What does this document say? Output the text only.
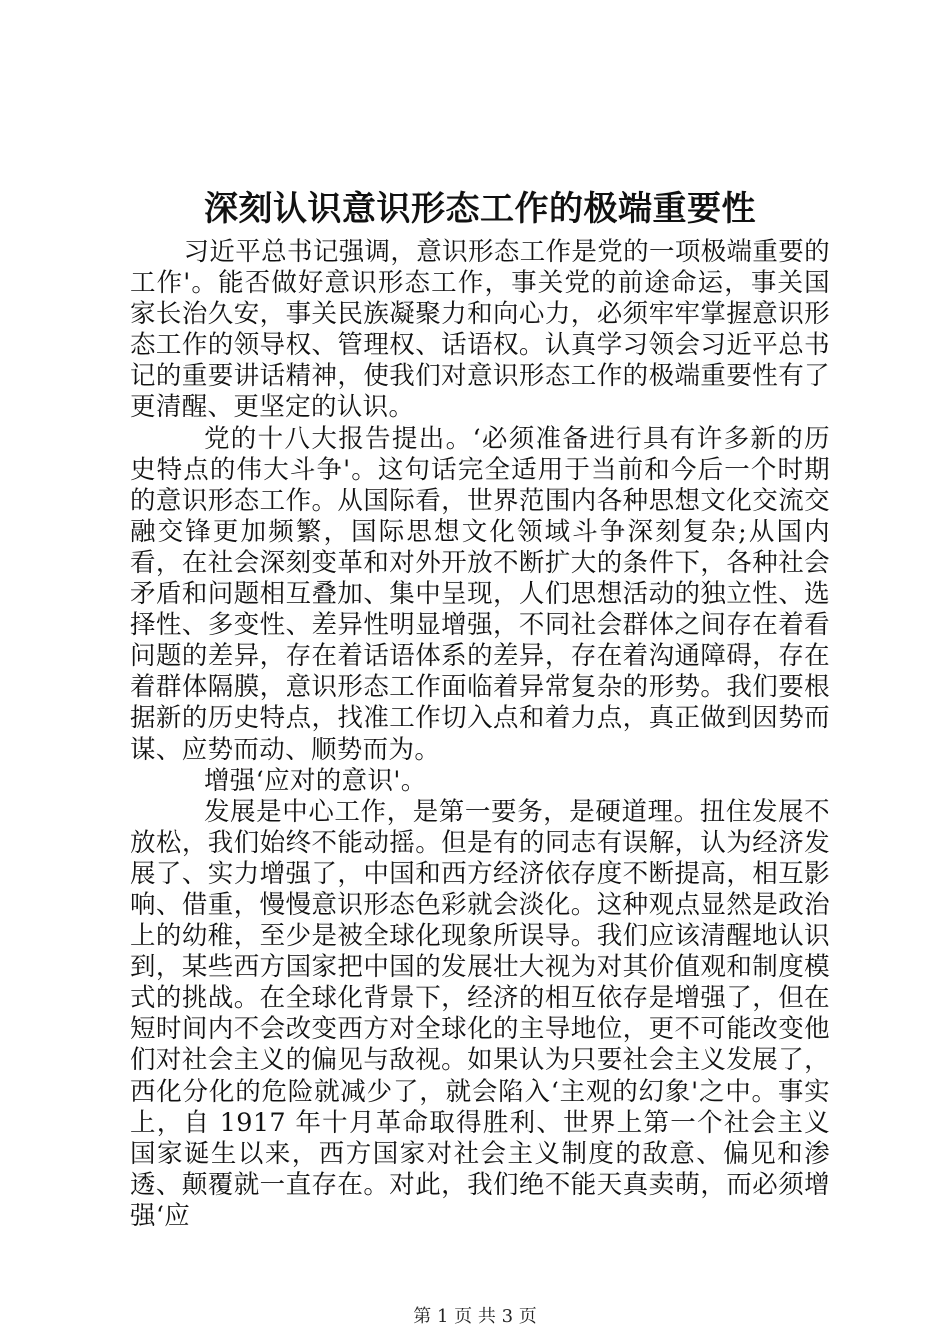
深刻认识意识形态工作的极端重要性

习近平总书记强调，意识形态工作是党的一项极端重要的工作'。能否做好意识形态工作，事关党的前途命运，事关国家长治久安，事关民族凝聚力和向心力，必须牢牢掌握意识形态工作的领导权、管理权、话语权。认真学习领会习近平总书记的重要讲话精神，使我们对意识形态工作的极端重要性有了更清醒、更坚定的认识。

党的十八大报告提出。‘必须准备进行具有许多新的历史特点的伟大斗争'。这句话完全适用于当前和今后一个时期的意识形态工作。从国际看，世界范围内各种思想文化交流交融交锋更加频繁，国际思想文化领域斗争深刻复杂;从国内看，在社会深刻变革和对外开放不断扩大的条件下，各种社会矛盾和问题相互叠加、集中呈现，人们思想活动的独立性、选择性、多变性、差异性明显增强，不同社会群体之间存在着看问题的差异，存在着话语体系的差异，存在着沟通障碍，存在着群体隔膜，意识形态工作面临着异常复杂的形势。我们要根据新的历史特点，找准工作切入点和着力点，真正做到因势而谋、应势而动、顺势而为。

增强‘应对的意识'。

发展是中心工作，是第一要务，是硬道理。扭住发展不放松，我们始终不能动摇。但是有的同志有误解，认为经济发展了、实力增强了，中国和西方经济依存度不断提高，相互影响、借重，慢慢意识形态色彩就会淡化。这种观点显然是政治上的幼稚，至少是被全球化现象所误导。我们应该清醒地认识到，某些西方国家把中国的发展壮大视为对其价值观和制度模式的挑战。在全球化背景下，经济的相互依存是增强了，但在短时间内不会改变西方对全球化的主导地位，更不可能改变他们对社会主义的偏见与敌视。如果认为只要社会主义发展了，西化分化的危险就减少了，就会陷入‘主观的幻象'之中。事实上，自 1917 年十月革命取得胜利、世界上第一个社会主义国家诞生以来，西方国家对社会主义制度的敌意、偏见和渗透、颠覆就一直存在。对此，我们绝不能天真卖萌，而必须增强‘应

第 1 页 共 3 页
